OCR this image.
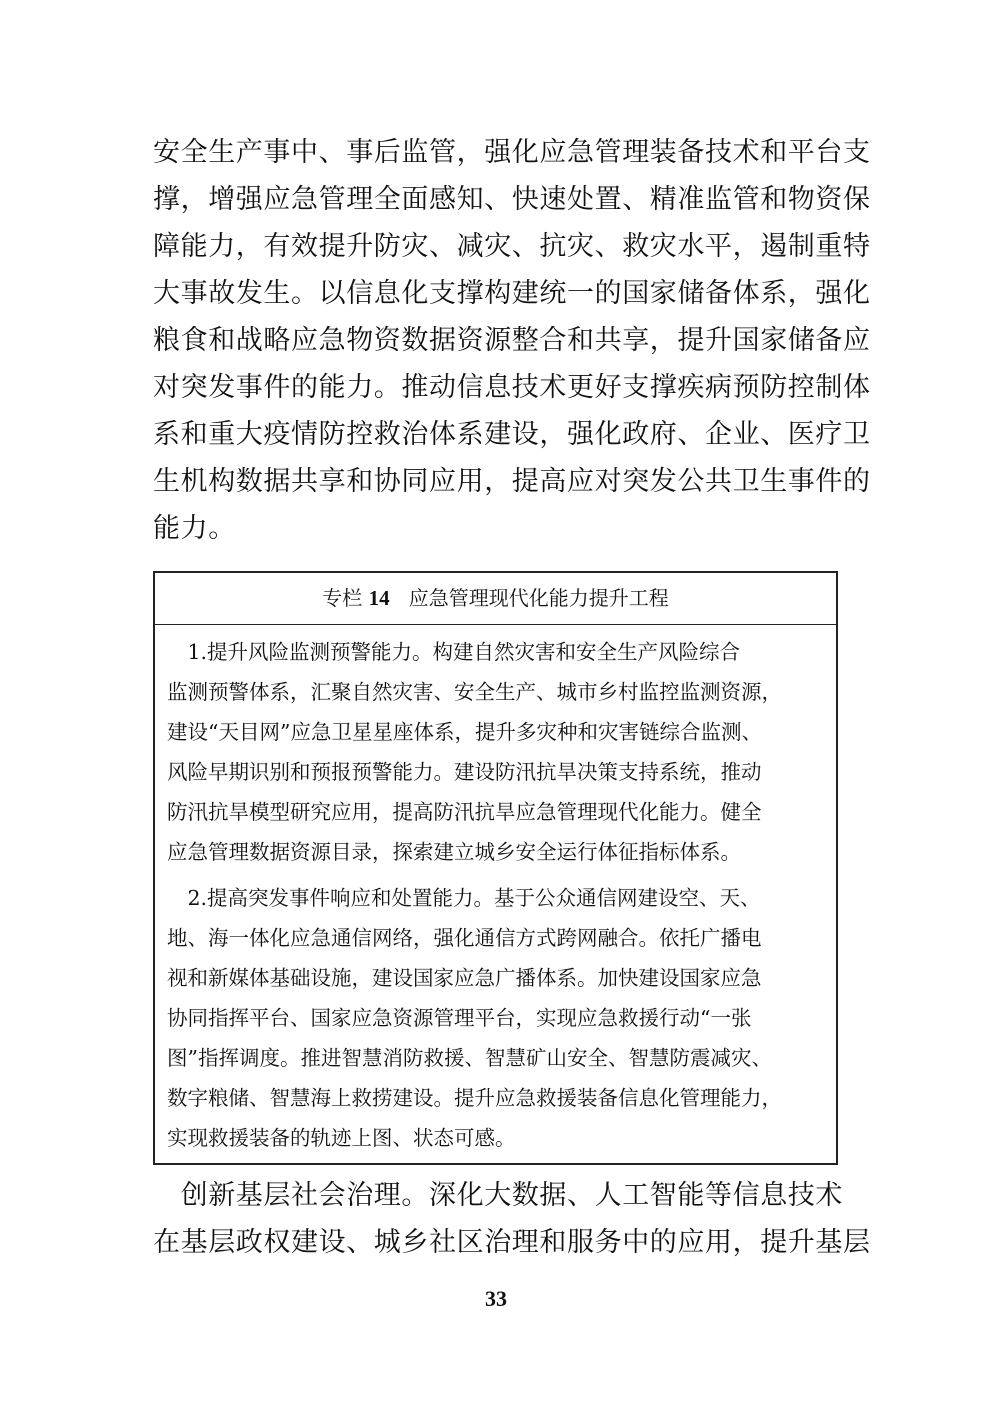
安全生产事中、事后监管，强化应急管理装备技术和平台支
撑，增强应急管理全面感知、快速处置、精准监管和物资保
障能力，有效提升防灾、减灾、抗灾、救灾水平，遏制重特
大事故发生。以信息化支撑构建统一的国家储备体系，强化
粮食和战略应急物资数据资源整合和共享，提升国家储备应
对突发事件的能力。推动信息技术更好支撑疾病预防控制体
系和重大疫情防控救治体系建设，强化政府、企业、医疗卫
生机构数据共享和协同应用，提高应对突发公共卫生事件的
能力。
专栏 14 应急管理现代化能力提升工程
　1.提升风险监测预警能力。构建自然灾害和安全生产风险综合
监测预警体系，汇聚自然灾害、安全生产、城市乡村监控监测资源，
建设“天目网”应急卫星星座体系，提升多灾种和灾害链综合监测、
风险早期识别和预报预警能力。建设防汛抗旱决策支持系统，推动
防汛抗旱模型研究应用，提高防汛抗旱应急管理现代化能力。健全
应急管理数据资源目录，探索建立城乡安全运行体征指标体系。
　2.提高突发事件响应和处置能力。基于公众通信网建设空、天、
地、海一体化应急通信网络，强化通信方式跨网融合。依托广播电
视和新媒体基础设施，建设国家应急广播体系。加快建设国家应急
协同指挥平台、国家应急资源管理平台，实现应急救援行动“一张
图”指挥调度。推进智慧消防救援、智慧矿山安全、智慧防震减灾、
数字粮储、智慧海上救捞建设。提升应急救援装备信息化管理能力，
实现救援装备的轨迹上图、状态可感。
　创新基层社会治理。深化大数据、人工智能等信息技术
在基层政权建设、城乡社区治理和服务中的应用，提升基层
33
